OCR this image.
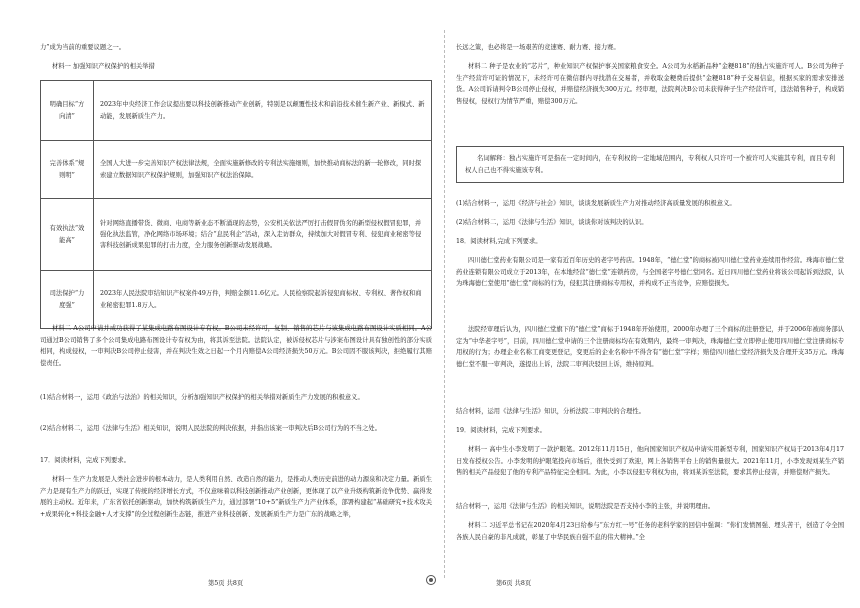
力”成为当前的重要议题之一。

材料一 加强知识产权保护的相关举措

明确目标“方向清”	2023年中央经济工作会议提出要以科技创新推动产业创新，特别是以颠覆性技术和前沿技术催生新产业、新模式、新动能，发展新质生产力。
完善体系“规则明”	全国人大进一步完善知识产权法律法规，全面实施新修改的专利法实施细则，加快推动商标法的新一轮修改，同时探索建立数据知识产权保护规则，加强知识产权法治保障。
有效执法“效能高”	针对网络直播带货、微商、电商等新业态不断涌现的态势，公安机关依法严厉打击假冒伪劣的新型侵权假冒犯罪，并强化执法监管，净化网络市场环境；结合“息民利企”活动，深入走访群众，持续加大对假冒专利、侵犯商业秘密等侵害科技创新成果犯罪的打击力度，全力服务创新驱动发展战略。
司法保护“力度强”	2023年人民法院审结知识产权案件49万件，判赔金额11.6亿元。人民检察院起诉侵犯商标权、专利权、著作权和商业秘密犯罪1.8万人。

材料二 A公司申请并成功获得了某集成电路布图设计专有权。B公司未经许可，复制、销售的芯片与该集成电路布图设计实质相同。A公司通过B公司销售了多个公司集成电路布图设计专有权为由，将其诉至法院。法院认定，被诉侵权芯片与涉案布图设计具有独创性的部分实质相同，构成侵权，一审判决B公司停止侵害，并在判决生效之日起一个月内赔偿A公司经济损失50万元。B公司因不服该判决，拒绝履行其赔偿责任。

(1)结合材料一，运用《政治与法治》的相关知识，分析加强知识产权保护的相关举措对新质生产力发展的积极意义。

(2)结合材料二，运用《法律与生活》相关知识，说明人民法院的判决依据，并指出该案一审判决后B公司行为的不当之处。

17．阅读材料，完成下列要求。

材料一 生产力发展是人类社会进步的根本动力，是人类利用自然、改造自然的能力，是推动人类历史前进的动力源泉和决定力量。新质生产力是现有生产力的跃迁，实现了传统的经济增长方式，不仅意味着以科技创新推动产业创新，更体现了以产业升级构筑新竞争优势、赢得发展的主动权。近年来，广东省依托创新驱动，加快构筑新质生产力，通过部署“10+5”新质生产力产业体系，部署构建起“基础研究+技术攻关+成果转化+科技金融+人才支撑”的全过程创新生态链，推进产业科技创新、发展新质生产力是广东的战略之举，

长远之策，也必将是一场艰苦的竞速赛、耐力赛、接力赛。

材料二 种子是农业的“芯片”，种业知识产权保护事关国家粮食安全。A公司为水稻新品种“金粳818”的独占实施许可人。B公司为种子生产经营许可证的情况下，未经许可在微信群内寻找潜在交易者，并收取金粳费后提供“金粳818”种子交易信息，根据买家的需求安排送货。A公司诉请判令B公司停止侵权，并赔偿经济损失300万元。经审理，法院判决B公司未获得种子生产经营许可，违法销售种子，构成销售侵权，侵权行为情节严重，赔偿300万元。

名词解释：独占实施许可是指在一定时间内，在专利权的一定地域范围内，专利权人只许可一个被许可人实施其专利，而且专利权人自己也不得实施该专利。

(1)结合材料一，运用《经济与社会》知识，谈谈发展新质生产力对推动经济高质量发展的积极意义。

(2)结合材料二，运用《法律与生活》知识，谈谈你对该判决的认识。

18．阅读材料,完成下列要求。

四川德仁堂药业有限公司是一家有近百年历史的老字号药店。1948年，“德仁堂”的商标被四川德仁堂药业连续用作经营。珠海市德仁堂药业连锁有限公司成立于2013年，在本地经营“德仁堂”连锁药房，与全国老字号德仁堂同名。近日四川德仁堂药业将该公司起诉到法院，认为珠海德仁堂使用“德仁堂”商标的行为，侵犯其注册商标专用权，并构成不正当竞争，应赔偿损失。

法院经审理后认为，四川德仁堂旗下的“德仁堂”商标于1948年开始使用，2000年办理了三个商标的注册登记，并于2006年被商务部认定为“中华老字号”，目前，四川德仁堂申请的三个注册商标均在有效期内，最终一审判决，珠海德仁堂立即停止使用四川德仁堂注册商标专用权的行为；办理企业名称工商变更登记，变更后的企业名称中不得含有“德仁堂”字样；赔偿四川德仁堂经济损失及合理开支35万元。珠海德仁堂不服一审判决，遂提出上诉，法院二审判决驳回上诉，维持原判。

结合材料，运用《法律与生活》知识，分析法院二审判决的合理性。

19．阅读材料，完成下列要求。

材料一 高中生小李发明了一款护眼笔。2012年11月15日，他向国家知识产权局申请实用新型专利，国家知识产权局于2013年4月17日发布授权公告。小李发明的护眼笔投向市场后，很快受到了欢迎，网上各销售平台上的销售量很大。2021年11月，小李发现刘某生产销售的相关产品侵犯了他的专利产品特征完全相同。为此，小李以侵犯专利权为由，将刘某诉至法院，要求其停止侵害，并赔偿财产损失。

结合材料一，运用《法律与生活》的相关知识，说明法院是否支持小李的主张，并说明理由。

材料二 习近平总书记在2020年4月23日给参与“东方红一号”任务的老科学家的回信中强调：“你们发愤图强、埋头苦干，创造了令全国各族人民自豪的非凡成就，彰显了中华民族自强不息的伟大精神。”全

第5页 共8页	第6页 共8页
